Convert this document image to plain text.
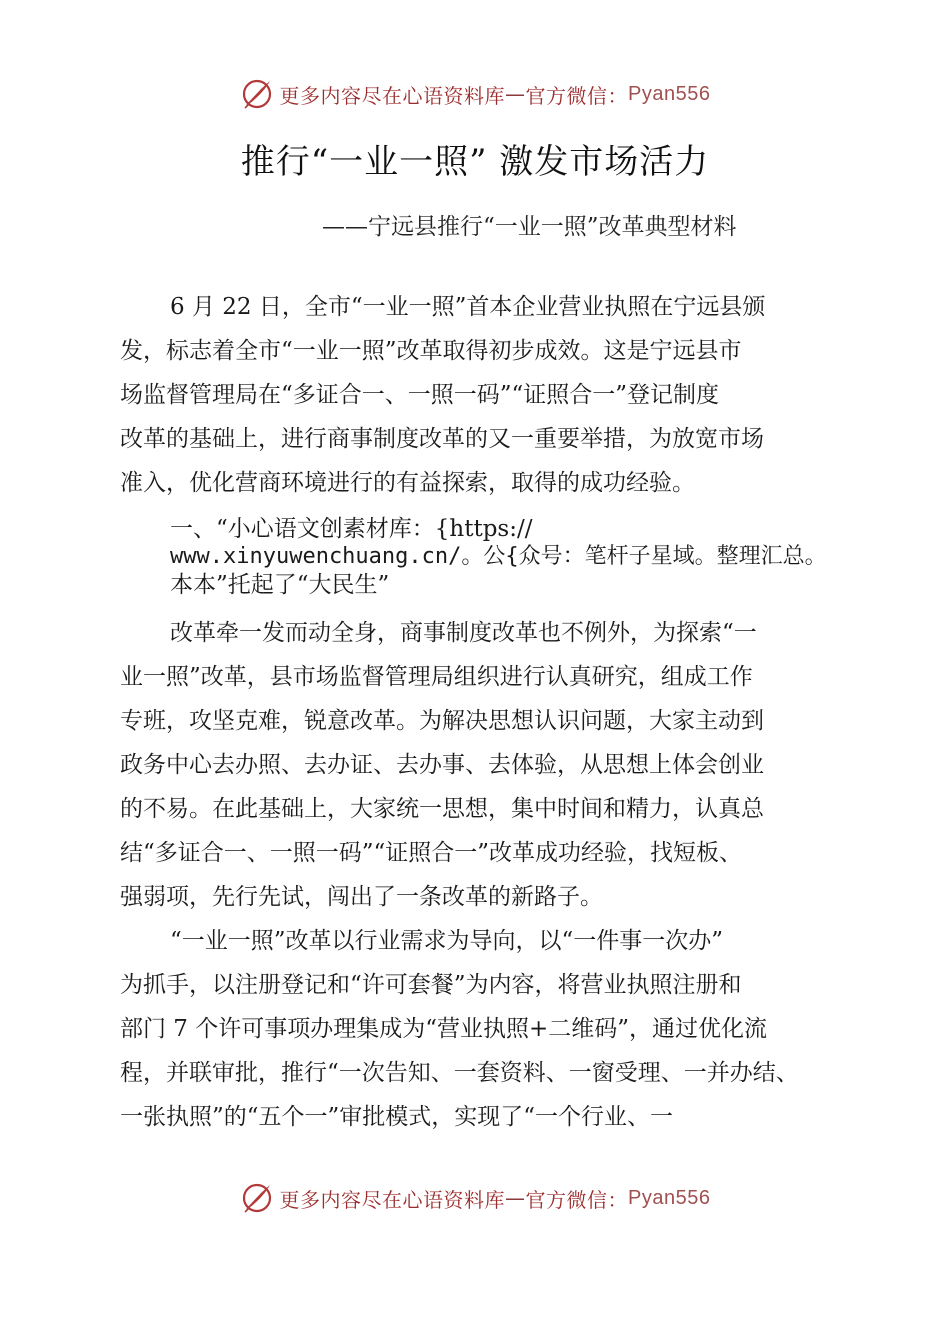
更多内容尽在心语资料库 — 官方微信： Pyan556
推行“一业一照” 激发市场活力
——宁远县推行“一业一照”改革典型材料
6 月 22 日，全市“一业一照”首本企业营业执照在宁远县颁
发，标志着全市“一业一照”改革取得初步成效。这是宁远县市
场监督管理局在“多证合一、一照一码”“证照合一”登记制度
改革的基础上，进行商事制度改革的又一重要举措，为放宽市场
准入，优化营商环境进行的有益探索，取得的成功经验。
一、“小心语文创素材库：{https://
www.xinyuwenchuang.cn/。公{众号：笔杆子星域。整理汇总。
本本”托起了“大民生”
改革牵一发而动全身，商事制度改革也不例外，为探索“一
业一照”改革，县市场监督管理局组织进行认真研究，组成工作
专班，攻坚克难，锐意改革。为解决思想认识问题，大家主动到
政务中心去办照、去办证、去办事、去体验，从思想上体会创业
的不易。在此基础上，大家统一思想，集中时间和精力，认真总
结“多证合一、一照一码”“证照合一”改革成功经验，找短板、
强弱项，先行先试，闯出了一条改革的新路子。
“一业一照”改革以行业需求为导向，以“一件事一次办”
为抓手，以注册登记和“许可套餐”为内容，将营业执照注册和
部门 7 个许可事项办理集成为“营业执照+二维码”，通过优化流
程，并联审批，推行“一次告知、一套资料、一窗受理、一并办结、
一张执照”的“五个一”审批模式，实现了“一个行业、一
更多内容尽在心语资料库 — 官方微信： Pyan556
